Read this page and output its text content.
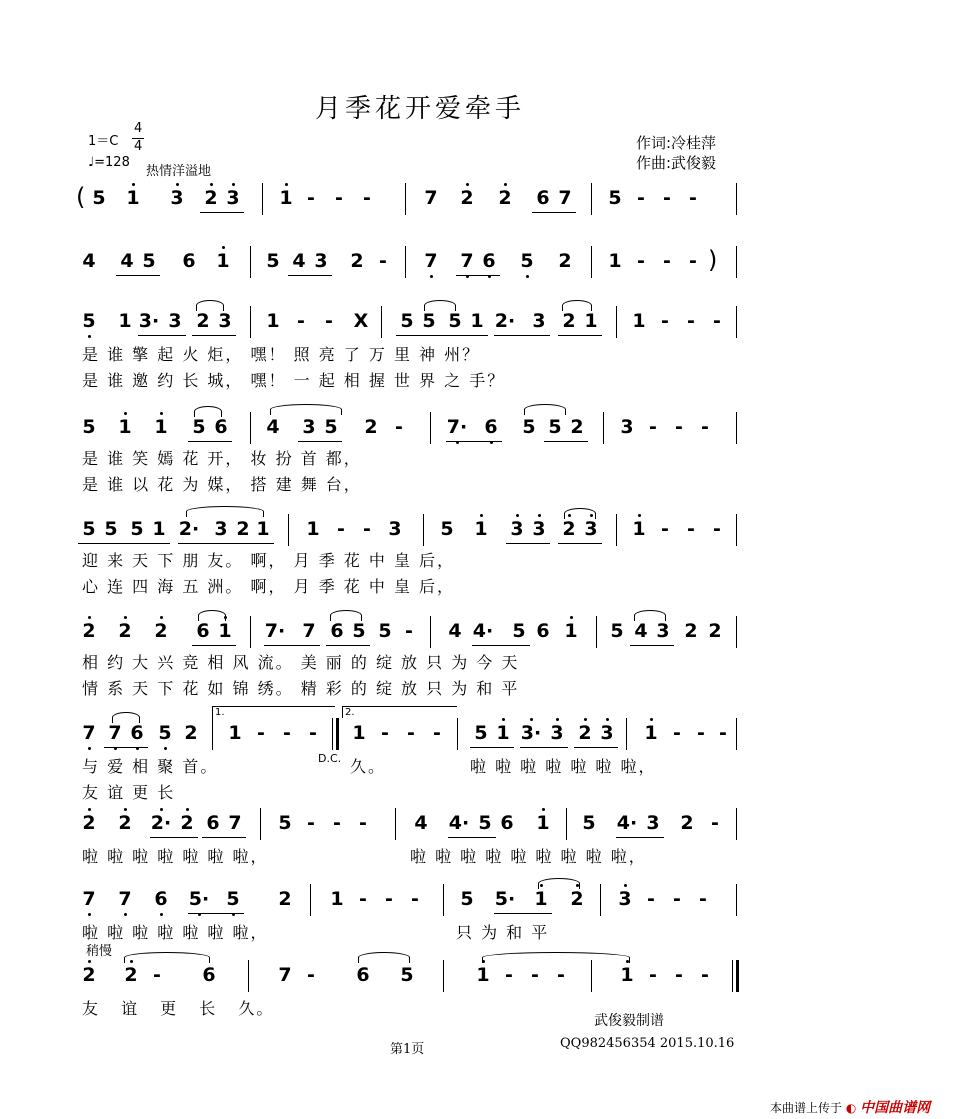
月季花开爱牵手
1＝C
4
4
♩=128
热情洋溢地
作词:冷桂萍
作曲:武俊毅
( 5 1 3 2 3 1 -	-	-	7 2 2 6 7 5 - - -
4 4 5 6 1 5 4 3 2 -	7 7 6 5 2 1 - - - )
5 1 3· 3 2 3 1 -	-	X 5 5 5 1 2· 3 2 1 1 - - -
是 谁 擎 起 火 炬， 嘿！ 照 亮 了 万 里 神 州？
是 谁 邀 约 长 城， 嘿！ 一 起 相 握 世 界 之 手？
5 1 1 5 6 4 3 5 2 -	7· 6 5 5 2 3 - - -
是 谁 笑 嫣 花 开， 妆 扮 首 都，
是 谁 以 花 为 媒， 搭 建 舞 台，
5 5 5 1 2· 3 2 1 1 - - 3 5 1 3 3 2 3 1 - - -
迎 来 天 下 朋 友。 啊， 月 季 花 中 皇 后，
心 连 四 海 五 洲。 啊， 月 季 花 中 皇 后，
2 2 2 6 1 7· 7 6 5 5 -	4 4· 5 6 1 5 4 3 2 2
相 约 大 兴 竞 相 风 流。 美 丽 的 绽 放 只 为 今 天
情 系 天 下 花 如 锦 绣。 精 彩 的 绽 放 只 为 和 平
7 7 6 5 2
1.
1 - - -
2.
1 - - -	5 1 3· 3 2 3 1 - - -
D.C.
与 爱 相 聚 首。	久。	啦 啦 啦 啦 啦 啦 啦，
友 谊 更 长
2 2 2· 2 6 7 5 - - -	4 4· 5 6 1 5 4· 3 2 -
啦 啦 啦 啦 啦 啦 啦，	啦 啦 啦 啦 啦 啦 啦 啦 啦，
7 7 6 5· 5 2 1 - - -	5 5· 1 2 3 - - -
啦 啦 啦 啦 啦 啦 啦，	只 为 和 平
稍慢
2 2 -	6	7 -	6 5	1 - - -	1 - - -
友 谊 更 长 久。
武俊毅制谱
第1页	QQ982456354 2015.10.16
本曲谱上传于 ◐ 中国曲谱网
